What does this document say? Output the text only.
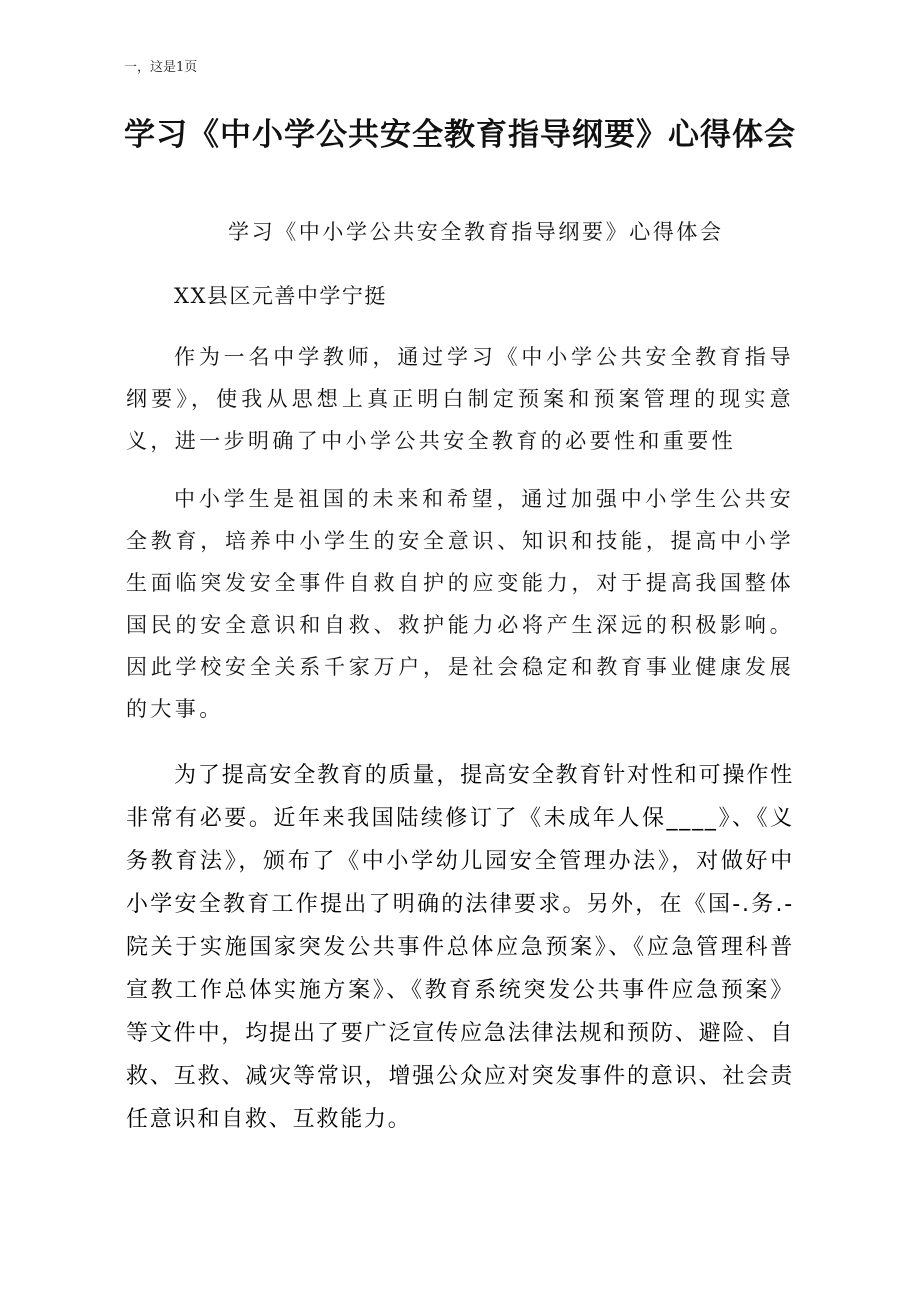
一，这是1页
学习《中小学公共安全教育指导纲要》心得体会
学习《中小学公共安全教育指导纲要》心得体会
XX县区元善中学宁挺

作为一名中学教师，通过学习《中小学公共安全教育指导纲要》，使我从思想上真正明白制定预案和预案管理的现实意义，进一步明确了中小学公共安全教育的必要性和重要性

中小学生是祖国的未来和希望，通过加强中小学生公共安全教育，培养中小学生的安全意识、知识和技能，提高中小学生面临突发安全事件自救自护的应变能力，对于提高我国整体国民的安全意识和自救、救护能力必将产生深远的积极影响。因此学校安全关系千家万户，是社会稳定和教育事业健康发展的大事。

为了提高安全教育的质量，提高安全教育针对性和可操作性非常有必要。近年来我国陆续修订了《未成年人保____》、《义务教育法》，颁布了《中小学幼儿园安全管理办法》，对做好中小学安全教育工作提出了明确的法律要求。另外，在《国-.务.-院关于实施国家突发公共事件总体应急预案》、《应急管理科普宣教工作总体实施方案》、《教育系统突发公共事件应急预案》等文件中，均提出了要广泛宣传应急法律法规和预防、避险、自救、互救、减灾等常识，增强公众应对突发事件的意识、社会责任意识和自救、互救能力。
